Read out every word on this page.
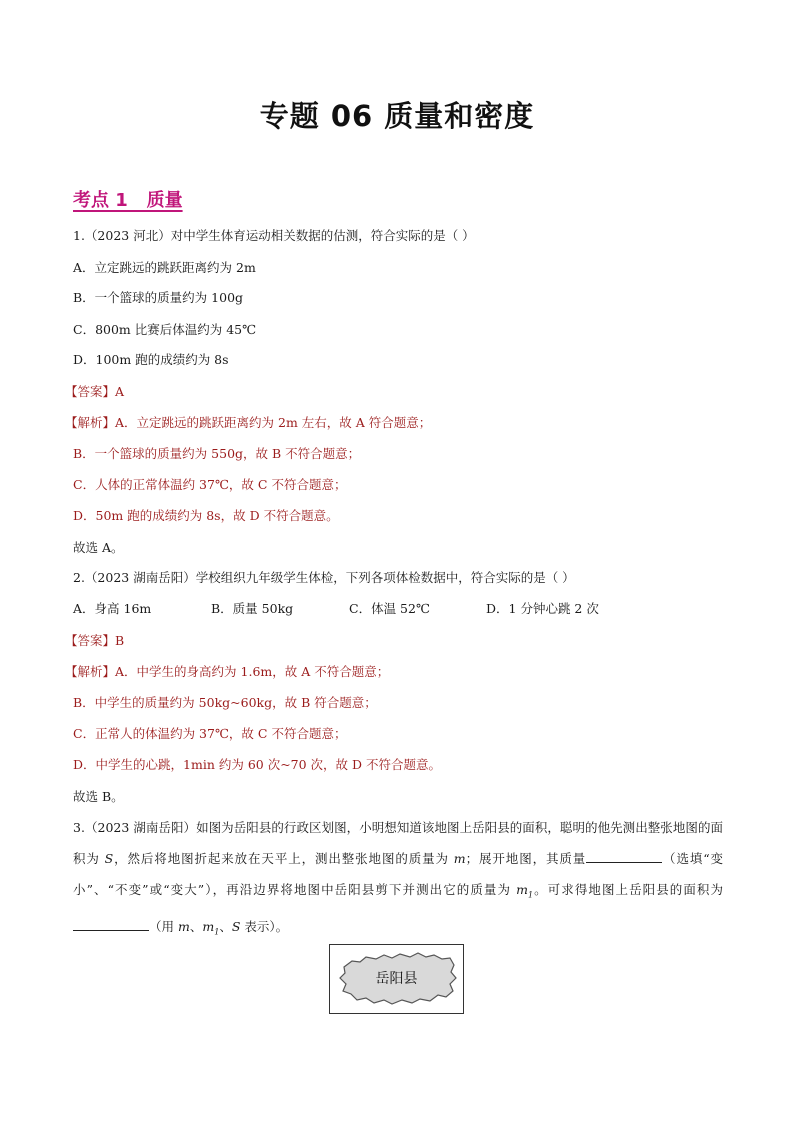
专题 06 质量和密度
考点 1   质量
1.（2023 河北）对中学生体育运动相关数据的估测，符合实际的是（ ）
A．立定跳远的跳跃距离约为 2m
B．一个篮球的质量约为 100g
C．800m 比赛后体温约为 45℃
D．100m 跑的成绩约为 8s
【答案】A
【解析】A．立定跳远的跳跃距离约为 2m 左右，故 A 符合题意；
B．一个篮球的质量约为 550g，故 B 不符合题意；
C．人体的正常体温约 37℃，故 C 不符合题意；
D．50m 跑的成绩约为 8s，故 D 不符合题意。
故选 A。
2.（2023 湖南岳阳）学校组织九年级学生体检，下列各项体检数据中，符合实际的是（ ）
A．身高 16m	B．质量 50kg	C．体温 52℃	D．1 分钟心跳 2 次
【答案】B
【解析】A．中学生的身高约为 1.6m，故 A 不符合题意；
B．中学生的质量约为 50kg~60kg，故 B 符合题意；
C．正常人的体温约为 37℃，故 C 不符合题意；
D．中学生的心跳，1min 约为 60 次~70 次，故 D 不符合题意。
故选 B。
3.（2023 湖南岳阳）如图为岳阳县的行政区划图，小明想知道该地图上岳阳县的面积，聪明的他先测出整张地图的面积为 S，然后将地图折起来放在天平上，测出整张地图的质量为 m；展开地图，其质量	（选填“变小”、“不变”或“变大”），再沿边界将地图中岳阳县剪下并测出它的质量为 $m_1$。可求得地图上岳阳县的面积为（用 m、$m_1$、S 表示）。
岳阳县
